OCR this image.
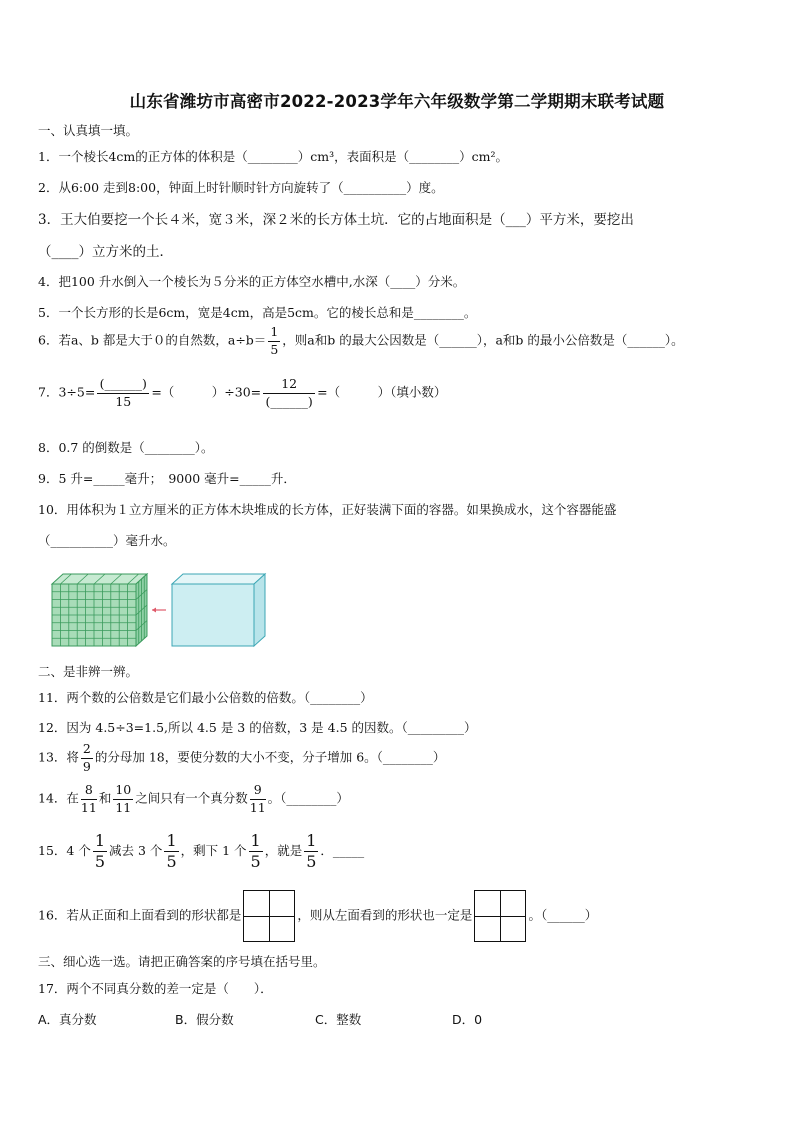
山东省潍坊市高密市2022-2023学年六年级数学第二学期期末联考试题
一、认真填一填。
1．一个棱长4cm的正方体的体积是（________）cm³，表面积是（________）cm²。
2．从6:00 走到8:00，钟面上时针顺时针方向旋转了（__________）度。
3．王大伯要挖一个长４米，宽３米，深２米的长方体土坑．它的占地面积是（___）平方米，要挖出
（____）立方米的土．
4．把100 升水倒入一个棱长为５分米的正方体空水槽中,水深（____）分米。
5．一个长方形的长是6cm，宽是4cm，高是5cm。它的棱长总和是________。
6．若a、b 都是大于０的自然数，$a\div b= \frac{1}{5}$ ，则a和b 的最大公因数是（______），a和b 的最小公倍数是（______）。
7．$3\div 5= \frac{(\_\_\_\_\_\_)}{15}$ =（　　　）$\div 30= \frac{12}{(\_\_\_\_\_\_)}$ =（　　　）（填小数）
8．0.7 的倒数是（________）。
9．5 升=_____毫升；　9000 毫升=_____升．
10．用体积为１立方厘米的正方体木块堆成的长方体，正好装满下面的容器。如果换成水，这个容器能盛
（__________）毫升水。
二、是非辨一辨。
11．两个数的公倍数是它们最小公倍数的倍数。（________）
12．因为 4.5÷3=1.5,所以 4.5 是 3 的倍数，3 是 4.5 的因数。（_________）
13．将 $\frac{2}{9}$ 的分母加 18，要使分数的大小不变，分子增加 6。（________）
14．在 $\frac{8}{11}$ 和 $\frac{10}{11}$ 之间只有一个真分数 $\frac{9}{11}$ 。（________）
15．4 个 $\frac{1}{5}$ 减去 3 个 $\frac{1}{5}$ ，剩下 1 个 $\frac{1}{5}$ ，就是 $\frac{1}{5}$ ．_____
16．若从正面和上面看到的形状都是	，则从左面看到的形状也一定是	。（______）
三、细心选一选。请把正确答案的序号填在括号里。
17．两个不同真分数的差一定是（　　）．
A．真分数	B．假分数	C．整数	D．0
